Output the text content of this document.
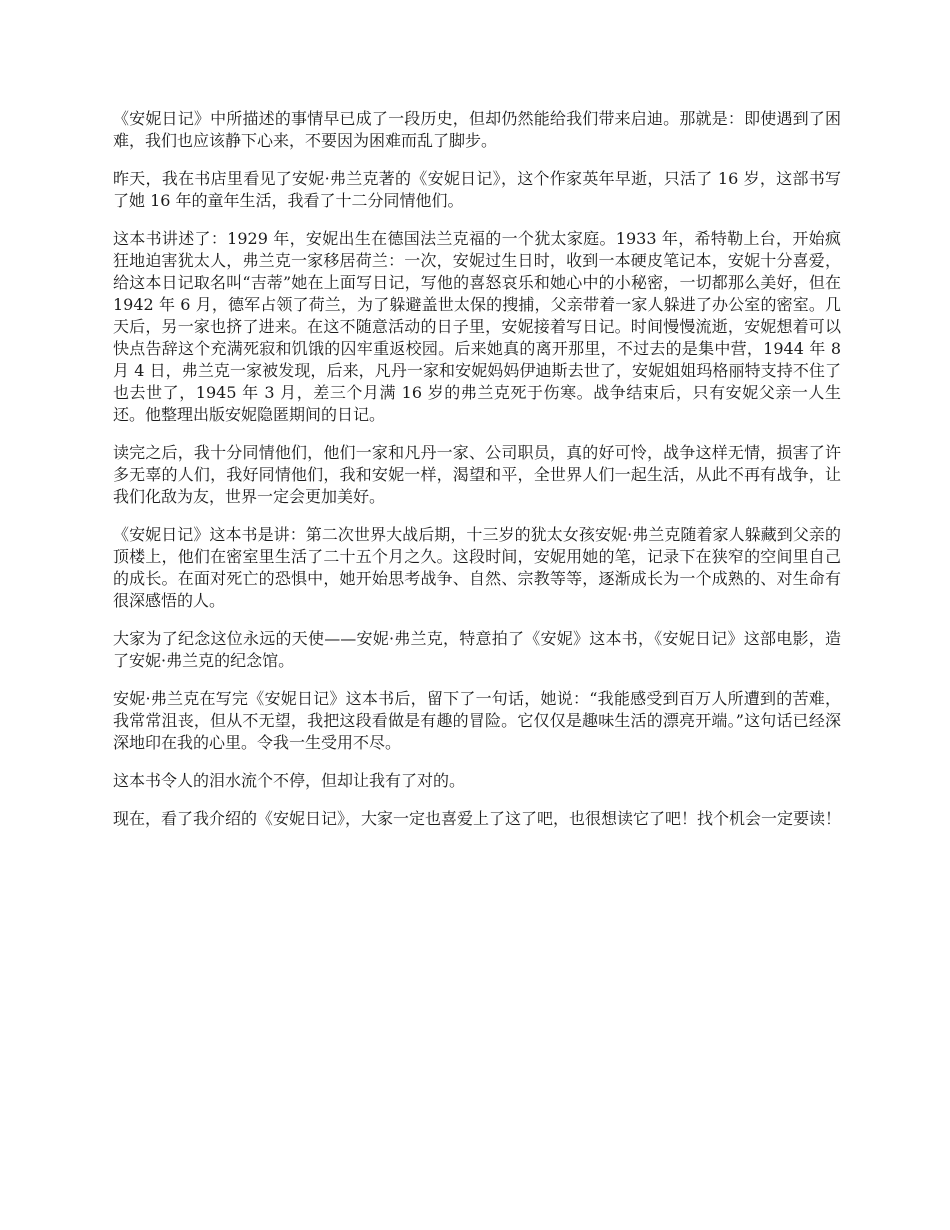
《安妮日记》中所描述的事情早已成了一段历史，但却仍然能给我们带来启迪。那就是：即使遇到了困难，我们也应该静下心来，不要因为困难而乱了脚步。

昨天，我在书店里看见了安妮·弗兰克著的《安妮日记》，这个作家英年早逝，只活了 16 岁，这部书写了她 16 年的童年生活，我看了十二分同情他们。

这本书讲述了：1929 年，安妮出生在德国法兰克福的一个犹太家庭。1933 年，希特勒上台，开始疯狂地迫害犹太人，弗兰克一家移居荷兰：一次，安妮过生日时，收到一本硬皮笔记本，安妮十分喜爱，给这本日记取名叫“吉蒂”她在上面写日记，写他的喜怒哀乐和她心中的小秘密，一切都那么美好，但在 1942 年 6 月，德军占领了荷兰，为了躲避盖世太保的搜捕，父亲带着一家人躲进了办公室的密室。几天后，另一家也挤了进来。在这不随意活动的日子里，安妮接着写日记。时间慢慢流逝，安妮想着可以快点告辞这个充满死寂和饥饿的囚牢重返校园。后来她真的离开那里，不过去的是集中营，1944 年 8 月 4 日，弗兰克一家被发现，后来，凡丹一家和安妮妈妈伊迪斯去世了，安妮姐姐玛格丽特支持不住了也去世了，1945 年 3 月，差三个月满 16 岁的弗兰克死于伤寒。战争结束后，只有安妮父亲一人生还。他整理出版安妮隐匿期间的日记。

读完之后，我十分同情他们，他们一家和凡丹一家、公司职员，真的好可怜，战争这样无情，损害了许多无辜的人们，我好同情他们，我和安妮一样，渴望和平，全世界人们一起生活，从此不再有战争，让我们化敌为友，世界一定会更加美好。

《安妮日记》这本书是讲：第二次世界大战后期，十三岁的犹太女孩安妮·弗兰克随着家人躲藏到父亲的顶楼上，他们在密室里生活了二十五个月之久。这段时间，安妮用她的笔，记录下在狭窄的空间里自己的成长。在面对死亡的恐惧中，她开始思考战争、自然、宗教等等，逐渐成长为一个成熟的、对生命有很深感悟的人。

大家为了纪念这位永远的天使——安妮·弗兰克，特意拍了《安妮》这本书，《安妮日记》这部电影，造了安妮·弗兰克的纪念馆。

安妮·弗兰克在写完《安妮日记》这本书后，留下了一句话，她说：“我能感受到百万人所遭到的苦难，我常常沮丧，但从不无望，我把这段看做是有趣的冒险。它仅仅是趣味生活的漂亮开端。”这句话已经深深地印在我的心里。令我一生受用不尽。

这本书令人的泪水流个不停，但却让我有了对的。

现在，看了我介绍的《安妮日记》，大家一定也喜爱上了这了吧，也很想读它了吧！找个机会一定要读！
